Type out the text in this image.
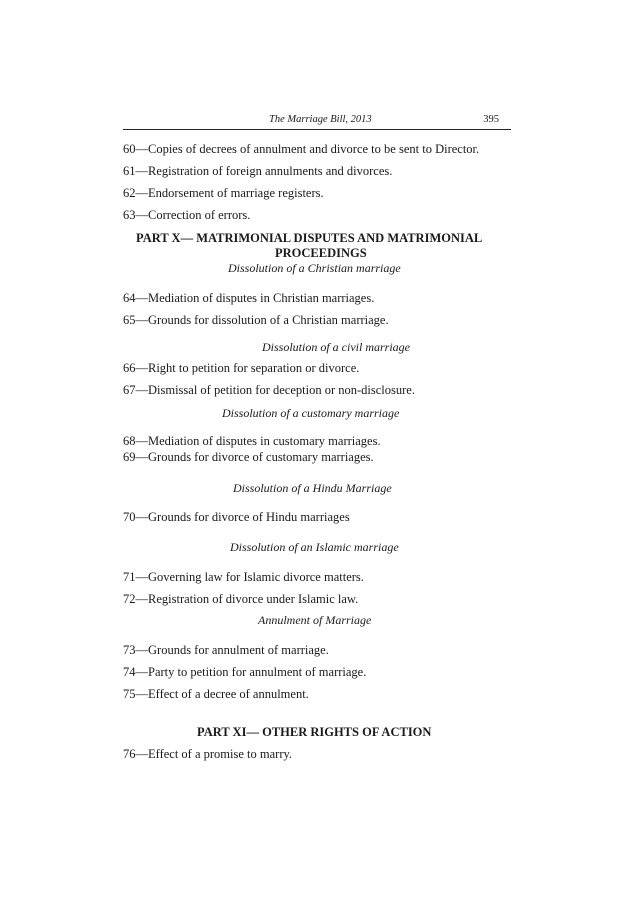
The Marriage Bill, 2013	395
60—Copies of decrees of annulment and divorce to be sent to Director.
61—Registration of foreign annulments and divorces.
62—Endorsement of marriage registers.
63—Correction of errors.
PART X— MATRIMONIAL DISPUTES AND MATRIMONIAL
PROCEEDINGS
Dissolution of a Christian marriage
64—Mediation of disputes in Christian marriages.
65—Grounds for dissolution of a Christian marriage.
Dissolution of a civil marriage
66—Right to petition for separation or divorce.
67—Dismissal of petition for deception or non-disclosure.
Dissolution of a customary marriage
68—Mediation of disputes in customary marriages.
69—Grounds for divorce of customary marriages.
Dissolution of a Hindu Marriage
70—Grounds for divorce of Hindu marriages
Dissolution of an Islamic marriage
71—Governing law for Islamic divorce matters.
72—Registration of divorce under Islamic law.
Annulment of Marriage
73—Grounds for annulment of marriage.
74—Party to petition for annulment of marriage.
75—Effect of a decree of annulment.
PART XI— OTHER RIGHTS OF ACTION
76—Effect of a promise to marry.
